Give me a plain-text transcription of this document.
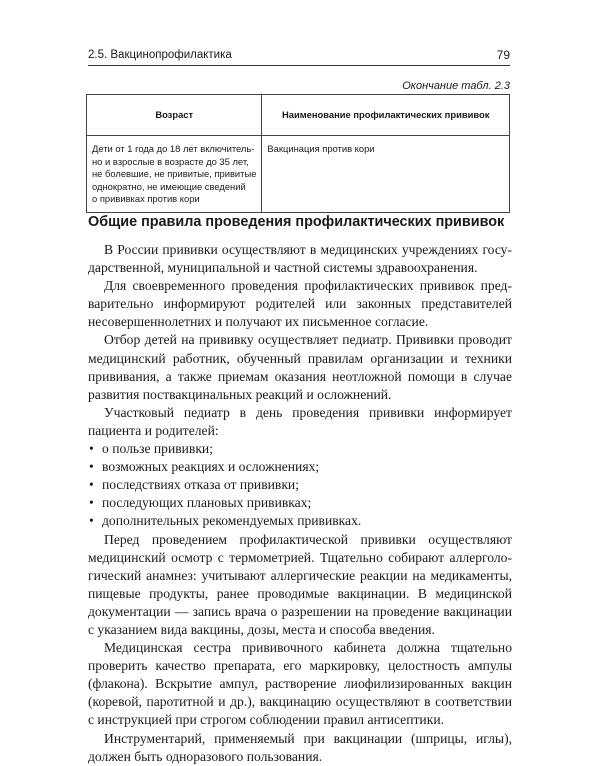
2.5. Вакцинопрофилактика	79
Окончание табл. 2.3
Возраст	Наименование профилактических прививок

Дети от 1 года до 18 лет включитель-
но и взрослые в возрасте до 35 лет,
не болевшие, не привитые, привитые
однократно, не имеющие сведений
о прививках против кори	Вакцинация против кори
Общие правила проведения профилактических прививок
В России прививки осуществляют в медицинских учреждениях госу-
дарственной, муниципальной и частной системы здравоохранения.
Для своевременного проведения профилактических прививок пред-
варительно информируют родителей или законных представителей
несовершеннолетних и получают их письменное согласие.
Отбор детей на прививку осуществляет педиатр. Прививки проводит
медицинский работник, обученный правилам организации и техники
прививания, а также приемам оказания неотложной помощи в случае
развития поствакцинальных реакций и осложнений.
Участковый педиатр в день проведения прививки информирует
пациента и родителей:
• о пользе прививки;
• возможных реакциях и осложнениях;
• последствиях отказа от прививки;
• последующих плановых прививках;
• дополнительных рекомендуемых прививках.
Перед проведением профилактической прививки осуществляют
медицинский осмотр с термометрией. Тщательно собирают аллерголо-
гический анамнез: учитывают аллергические реакции на медикаменты,
пищевые продукты, ранее проводимые вакцинации. В медицинской
документации — запись врача о разрешении на проведение вакцинации
с указанием вида вакцины, дозы, места и способа введения.
Медицинская сестра прививочного кабинета должна тщательно
проверить качество препарата, его маркировку, целостность ампулы
(флакона). Вскрытие ампул, растворение лиофилизированных вакцин
(коревой, паротитной и др.), вакцинацию осуществляют в соответствии
с инструкцией при строгом соблюдении правил антисептики.
Инструментарий, применяемый при вакцинации (шприцы, иглы),
должен быть одноразового пользования.
